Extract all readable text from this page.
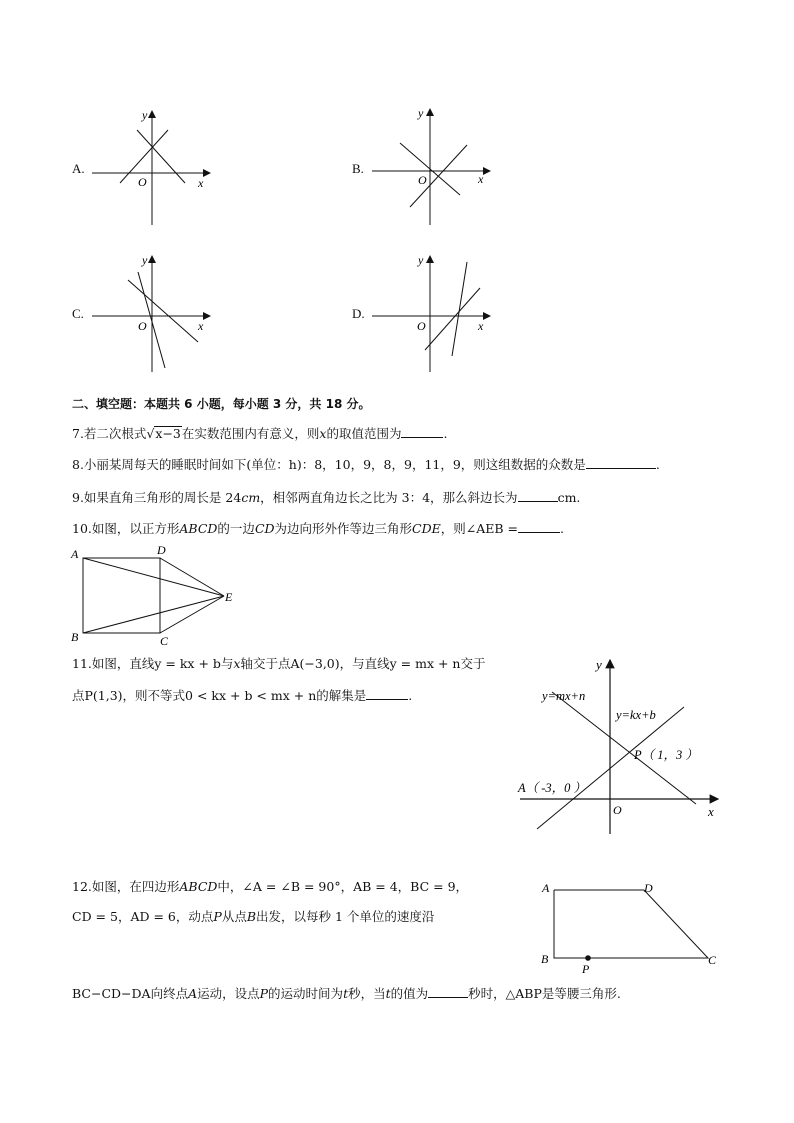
A.
y
x
O
B.
y
x
O
C.
y
x
O
D.
y
x
O
二、填空题：本题共 6 小题，每小题 3 分，共 18 分。
7.若二次根式√x−3在实数范围内有意义，则x的取值范围为	.
8.小丽某周每天的睡眠时间如下(单位：h)：8，10，9，8，9，11，9，则这组数据的众数是	.
9.如果直角三角形的周长是 24cm，相邻两直角边长之比为 3：4，那么斜边长为	cm.
10.如图，以正方形ABCD的一边CD为边向形外作等边三角形CDE，则∠AEB =	.
A	D
E
B	C
11.如图，直线y = kx + b与x轴交于点A(−3,0)，与直线y = mx + n交于
点P(1,3)，则不等式0 < kx + b < mx + n的解集是	.
y
x
O
y=mx+n
y=kx+b
P（ 1，3 ）
A（ -3，0 ）
12.如图，在四边形ABCD中，∠A = ∠B = 90°，AB = 4，BC = 9，
CD = 5，AD = 6，动点P从点B出发，以每秒 1 个单位的速度沿
BC−CD−DA向终点A运动，设点P的运动时间为t秒，当t的值为	秒时，△ABP是等腰三角形.
A	D
B	C
P
